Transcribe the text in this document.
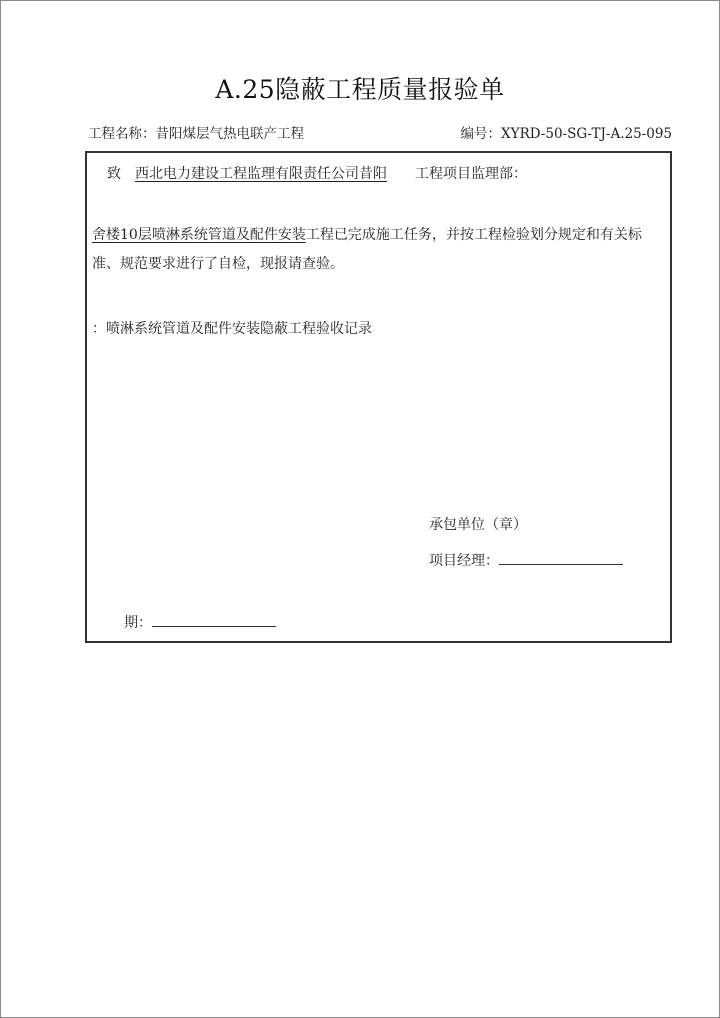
A.25隐蔽工程质量报验单
工程名称：昔阳煤层气热电联产工程	编号：XYRD-50-SG-TJ-A.25-095
致 西北电力建设工程监理有限责任公司昔阳 工程项目监理部：
舍楼10层喷淋系统管道及配件安装工程已完成施工任务，并按工程检验划分规定和有关标
准、规范要求进行了自检，现报请查验。
：喷淋系统管道及配件安装隐蔽工程验收记录
承包单位（章）
项目经理：
期：
